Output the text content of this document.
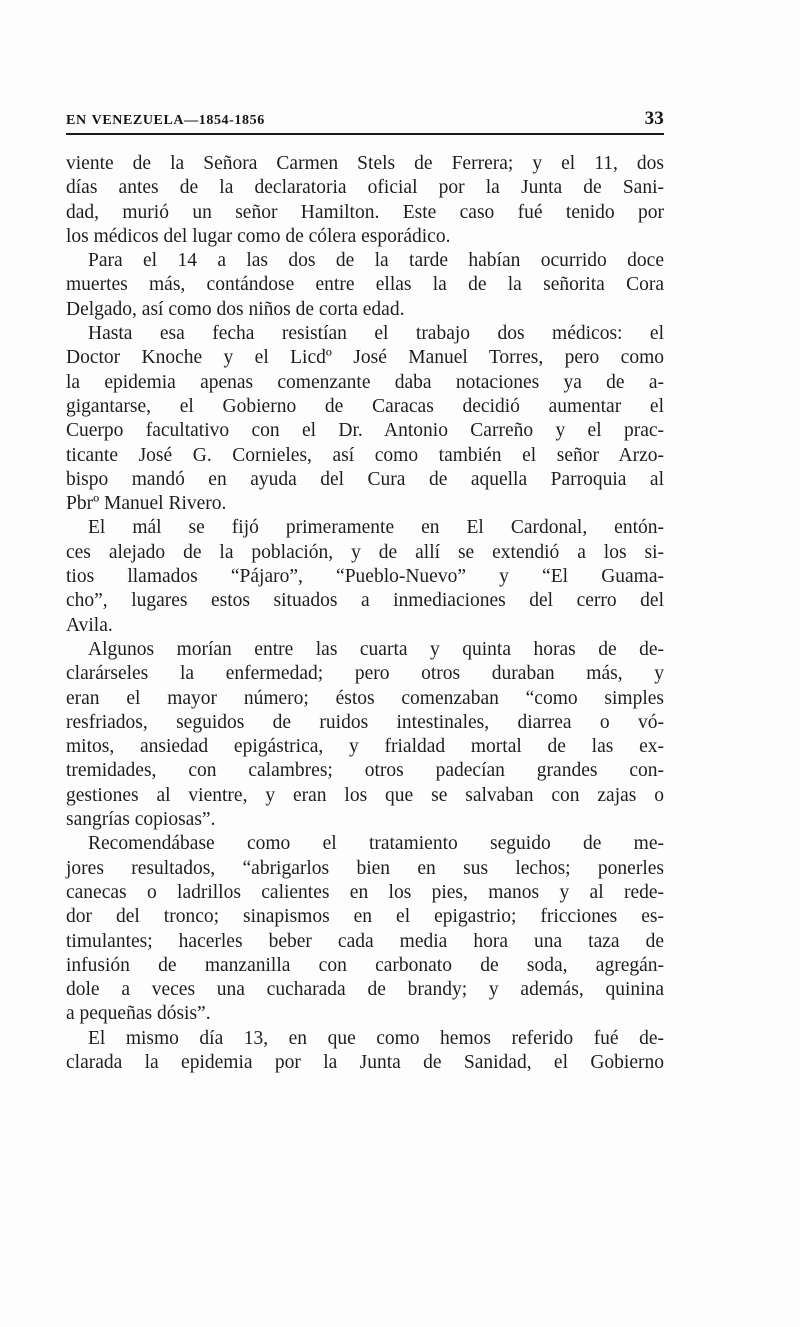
EN VENEZUELA—1854-1856	33
viente de la Señora Carmen Stels de Ferrera; y el 11, dos
días antes de la declaratoria oficial por la Junta de Sani-
dad, murió un señor Hamilton. Este caso fué tenido por
los médicos del lugar como de cólera esporádico.
Para el 14 a las dos de la tarde habían ocurrido doce
muertes más, contándose entre ellas la de la señorita Cora
Delgado, así como dos niños de corta edad.
Hasta esa fecha resistían el trabajo dos médicos: el
Doctor Knoche y el Licdº José Manuel Torres, pero como
la epidemia apenas comenzante daba notaciones ya de a-
gigantarse, el Gobierno de Caracas decidió aumentar el
Cuerpo facultativo con el Dr. Antonio Carreño y el prac-
ticante José G. Cornieles, así como también el señor Arzo-
bispo mandó en ayuda del Cura de aquella Parroquia al
Pbrº Manuel Rivero.
El mál se fijó primeramente en El Cardonal, entón-
ces alejado de la población, y de allí se extendió a los si-
tios llamados “Pájaro”, “Pueblo-Nuevo” y “El Guama-
cho”, lugares estos situados a inmediaciones del cerro del
Avila.
Algunos morían entre las cuarta y quinta horas de de-
clarárseles la enfermedad; pero otros duraban más, y
eran el mayor número; éstos comenzaban “como simples
resfriados, seguidos de ruidos intestinales, diarrea o vó-
mitos, ansiedad epigástrica, y frialdad mortal de las ex-
tremidades, con calambres; otros padecían grandes con-
gestiones al vientre, y eran los que se salvaban con zajas o
sangrías copiosas”.
Recomendábase como el tratamiento seguido de me-
jores resultados, “abrigarlos bien en sus lechos; ponerles
canecas o ladrillos calientes en los pies, manos y al rede-
dor del tronco; sinapismos en el epigastrio; fricciones es-
timulantes; hacerles beber cada media hora una taza de
infusión de manzanilla con carbonato de soda, agregán-
dole a veces una cucharada de brandy; y además, quinina
a pequeñas dósis”.
El mismo día 13, en que como hemos referido fué de-
clarada la epidemia por la Junta de Sanidad, el Gobierno
